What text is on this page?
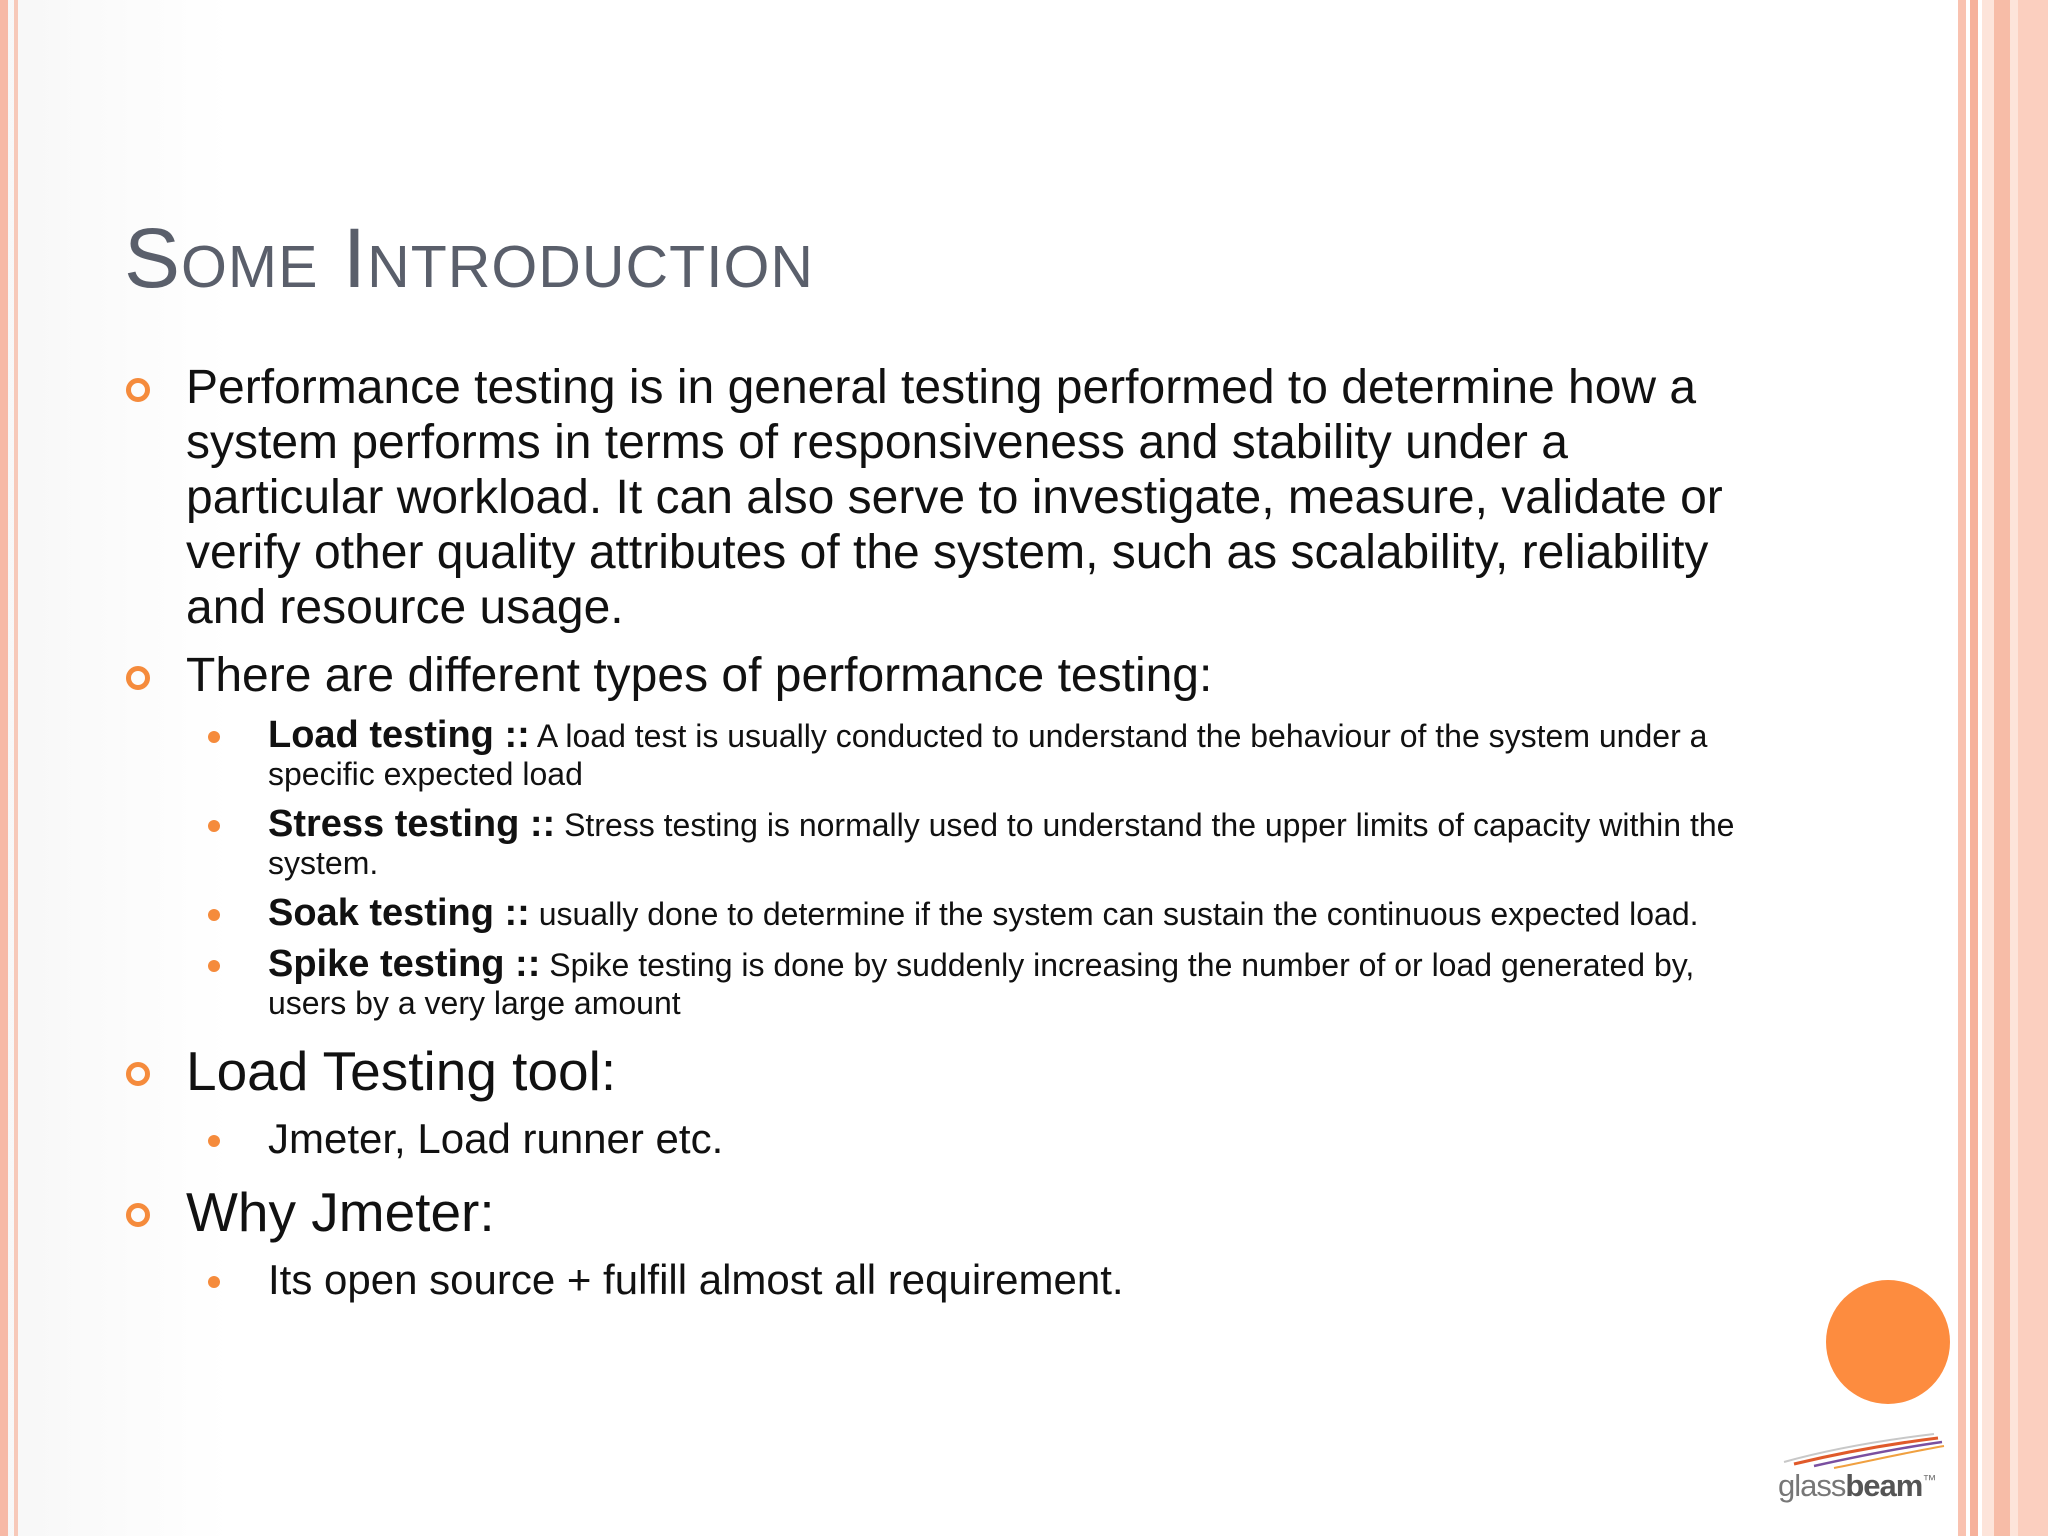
Some Introduction
Performance testing is in general testing performed to determine how a system performs in terms of responsiveness and stability under a particular workload. It can also serve to investigate, measure, validate or verify other quality attributes of the system, such as scalability, reliability and resource usage.
There are different types of performance testing:
Load testing :: A load test is usually conducted to understand the behaviour of the system under a specific expected load
Stress testing :: Stress testing is normally used to understand the upper limits of capacity within the system.
Soak testing :: usually done to determine if the system can sustain the continuous expected load.
Spike testing :: Spike testing is done by suddenly increasing the number of or load generated by, users by a very large amount
Load Testing tool:
Jmeter, Load runner etc.
Why Jmeter:
Its open source + fulfill almost all requirement.
glassbeam™
